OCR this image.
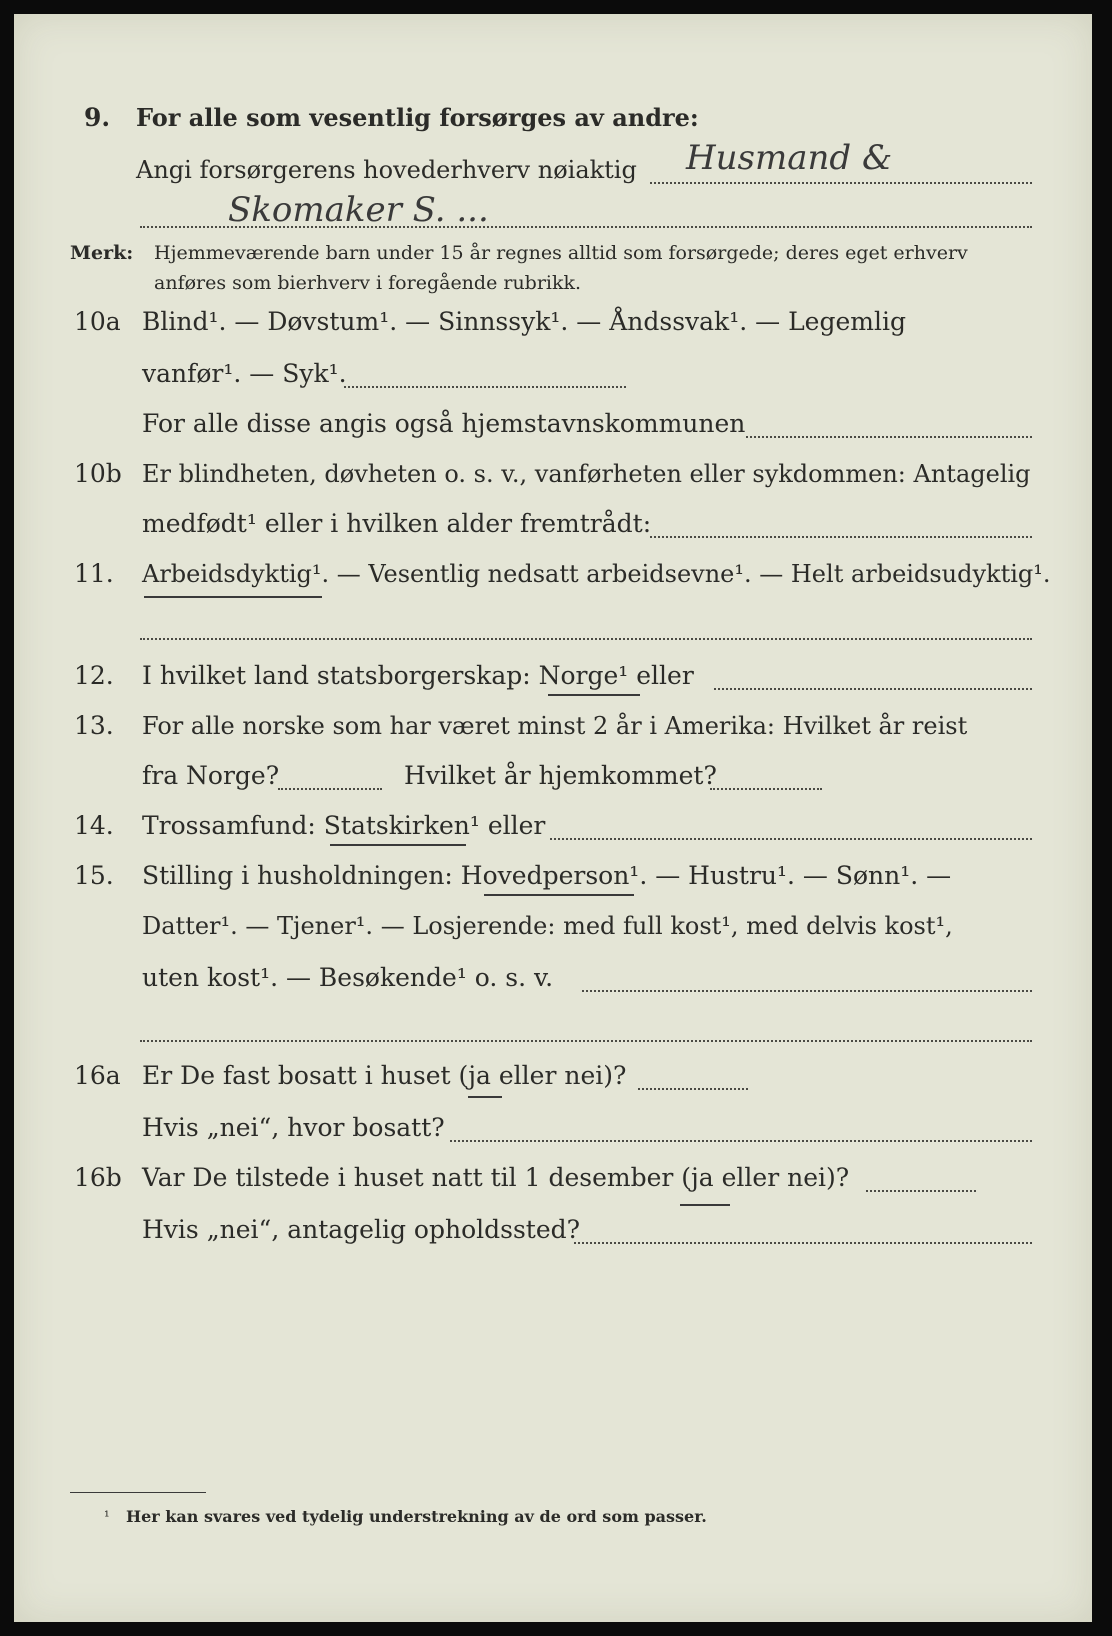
9. For alle som vesentlig forsørges av andre:
Angi forsørgerens hovederhverv nøiaktig Husmand &
Skomaker S. ...
Merk: Hjemmeværende barn under 15 år regnes alltid som forsørgede; deres eget erhverv
anføres som bierhverv i foregående rubrikk.
10a Blind¹. — Døvstum¹. — Sinnssyk¹. — Åndssvak¹. — Legemlig
vanfør¹. — Syk¹.
For alle disse angis også hjemstavnskommunen
10b Er blindheten, døvheten o. s. v., vanførheten eller sykdommen: Antagelig
medfødt¹ eller i hvilken alder fremtrådt:
11. Arbeidsdyktig¹. — Vesentlig nedsatt arbeidsevne¹. — Helt arbeidsudyktig¹.
12. I hvilket land statsborgerskap: Norge¹ eller
13. For alle norske som har været minst 2 år i Amerika: Hvilket år reist
fra Norge?	Hvilket år hjemkommet?
14. Trossamfund: Statskirken¹ eller
15. Stilling i husholdningen: Hovedperson¹. — Hustru¹. — Sønn¹. —
Datter¹. — Tjener¹. — Losjerende: med full kost¹, med delvis kost¹,
uten kost¹. — Besøkende¹ o. s. v.
16a Er De fast bosatt i huset (ja eller nei)?
Hvis „nei“, hvor bosatt?
16b Var De tilstede i huset natt til 1 desember (ja eller nei)?
Hvis „nei“, antagelig opholdssted?
¹ Her kan svares ved tydelig understrekning av de ord som passer.
